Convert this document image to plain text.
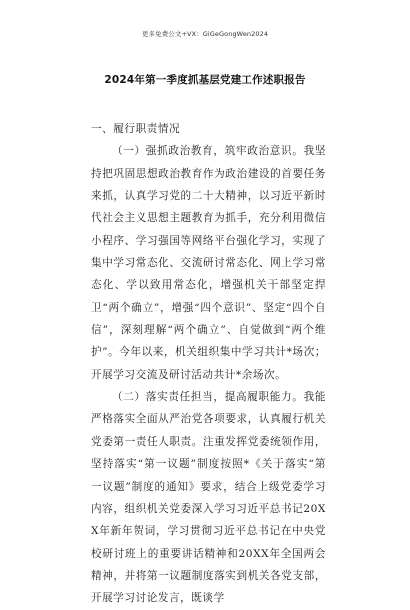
更多免费公文+VX：GiGeGongWen2024
2024年第一季度抓基层党建工作述职报告

一、履行职责情况

（一）强抓政治教育，筑牢政治意识。我坚持把巩固思想政治教育作为政治建设的首要任务来抓，认真学习党的二十大精神，以习近平新时代社会主义思想主题教育为抓手，充分利用微信小程序、学习强国等网络平台强化学习，实现了集中学习常态化、交流研讨常态化、网上学习常态化、学以致用常态化，增强机关干部坚定捍卫“两个确立”，增强“四个意识”、坚定“四个自信”，深刻理解“两个确立”、自觉做到“两个维护”。今年以来，机关组织集中学习共计*场次；开展学习交流及研讨活动共计*余场次。

（二）落实责任担当，提高履职能力。我能严格落实全面从严治党各项要求，认真履行机关党委第一责任人职责。注重发挥党委统领作用，坚持落实“第一议题”制度按照*《关于落实“第一议题”制度的通知》要求，结合上级党委学习内容，组织机关党委深入学习习近平总书记20XX年新年贺词，学习贯彻习近平总书记在中央党校研讨班上的重要讲话精神和20XX年全国两会精神，并将第一议题制度落实到机关各党支部，开展学习讨论发言，既谈学
